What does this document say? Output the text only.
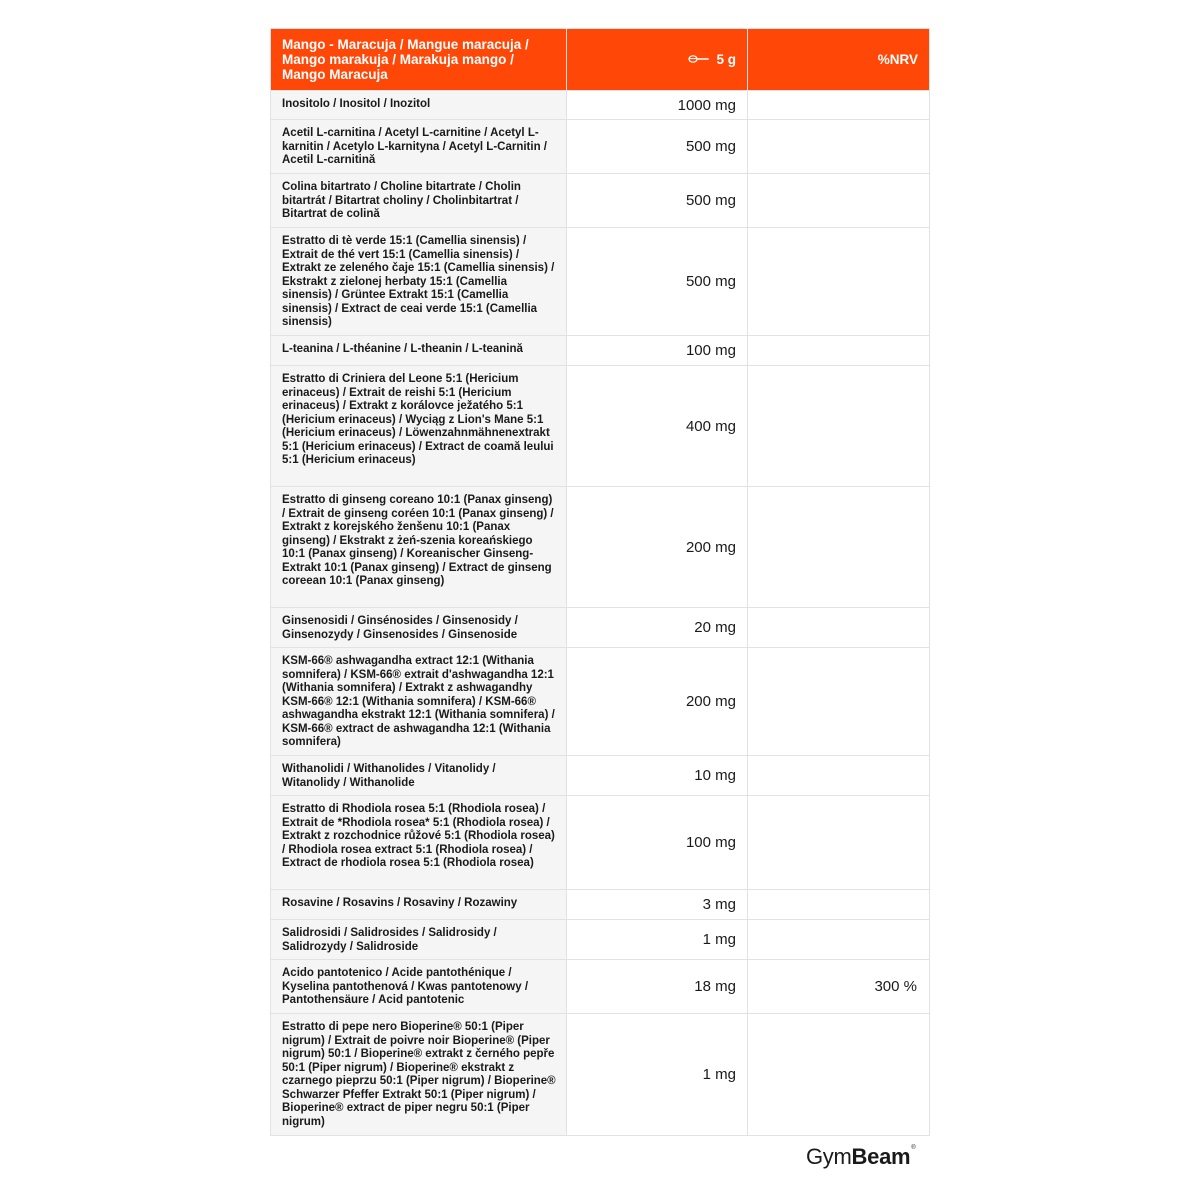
Mango - Maracuja / Mangue maracuja / Mango marakuja / Marakuja mango / Mango Maracuja	5 g	%NRV
Inositolo / Inositol / Inozitol	1000 mg	
Acetil L-carnitina / Acetyl L-carnitine / Acetyl L-karnitin / Acetylo L-karnityna / Acetyl L-Carnitin / Acetil L-carnitină	500 mg	
Colina bitartrato / Choline bitartrate / Cholin bitartrát / Bitartrat choliny / Cholinbitartrat / Bitartrat de colină	500 mg	
Estratto di tè verde 15:1 (Camellia sinensis) / Extrait de thé vert 15:1 (Camellia sinensis) / Extrakt ze zeleného čaje 15:1 (Camellia sinensis) / Ekstrakt z zielonej herbaty 15:1 (Camellia sinensis) / Grüntee Extrakt 15:1 (Camellia sinensis) / Extract de ceai verde 15:1 (Camellia sinensis)	500 mg	
L-teanina / L-théanine / L-theanin / L-teanină	100 mg	
Estratto di Criniera del Leone 5:1 (Hericium erinaceus) / Extrait de reishi 5:1 (Hericium erinaceus) / Extrakt z korálovce ježatého 5:1 (Hericium erinaceus) / Wyciąg z Lion's Mane 5:1 (Hericium erinaceus) / Löwenzahnmähnenextrakt 5:1 (Hericium erinaceus) / Extract de coamă leului 5:1 (Hericium erinaceus)	400 mg	
Estratto di ginseng coreano 10:1 (Panax ginseng) / Extrait de ginseng coréen 10:1 (Panax ginseng) / Extrakt z korejského ženšenu 10:1 (Panax ginseng) / Ekstrakt z żeń-szenia koreańskiego 10:1 (Panax ginseng) / Koreanischer Ginseng-Extrakt 10:1 (Panax ginseng) / Extract de ginseng coreean 10:1 (Panax ginseng)	200 mg	
Ginsenosidi / Ginsénosides / Ginsenosidy / Ginsenozydy / Ginsenosides / Ginsenoside	20 mg	
KSM-66® ashwagandha extract 12:1 (Withania somnifera) / KSM-66® extrait d'ashwagandha 12:1 (Withania somnifera) / Extrakt z ashwagandhy KSM-66® 12:1 (Withania somnifera) / KSM-66® ashwagandha ekstrakt 12:1 (Withania somnifera) / KSM-66® extract de ashwagandha 12:1 (Withania somnifera)	200 mg	
Withanolidi / Withanolides / Vitanolidy / Witanolidy / Withanolide	10 mg	
Estratto di Rhodiola rosea 5:1 (Rhodiola rosea) / Extrait de *Rhodiola rosea* 5:1 (Rhodiola rosea) / Extrakt z rozchodnice růžové 5:1 (Rhodiola rosea) / Rhodiola rosea extract 5:1 (Rhodiola rosea) / Extract de rhodiola rosea 5:1 (Rhodiola rosea)	100 mg	
Rosavine / Rosavins / Rosaviny / Rozawiny	3 mg	
Salidrosidi / Salidrosides / Salidrosidy / Salidrozydy / Salidroside	1 mg	
Acido pantotenico / Acide pantothénique / Kyselina pantothenová / Kwas pantotenowy / Pantothensäure / Acid pantotenic	18 mg	300 %
Estratto di pepe nero Bioperine® 50:1 (Piper nigrum) / Extrait de poivre noir Bioperine® (Piper nigrum) 50:1 / Bioperine® extrakt z černého pepře 50:1 (Piper nigrum) / Bioperine® ekstrakt z czarnego pieprzu 50:1 (Piper nigrum) / Bioperine® Schwarzer Pfeffer Extrakt 50:1 (Piper nigrum) / Bioperine® extract de piper negru 50:1 (Piper nigrum)	1 mg	
GymBeam®
